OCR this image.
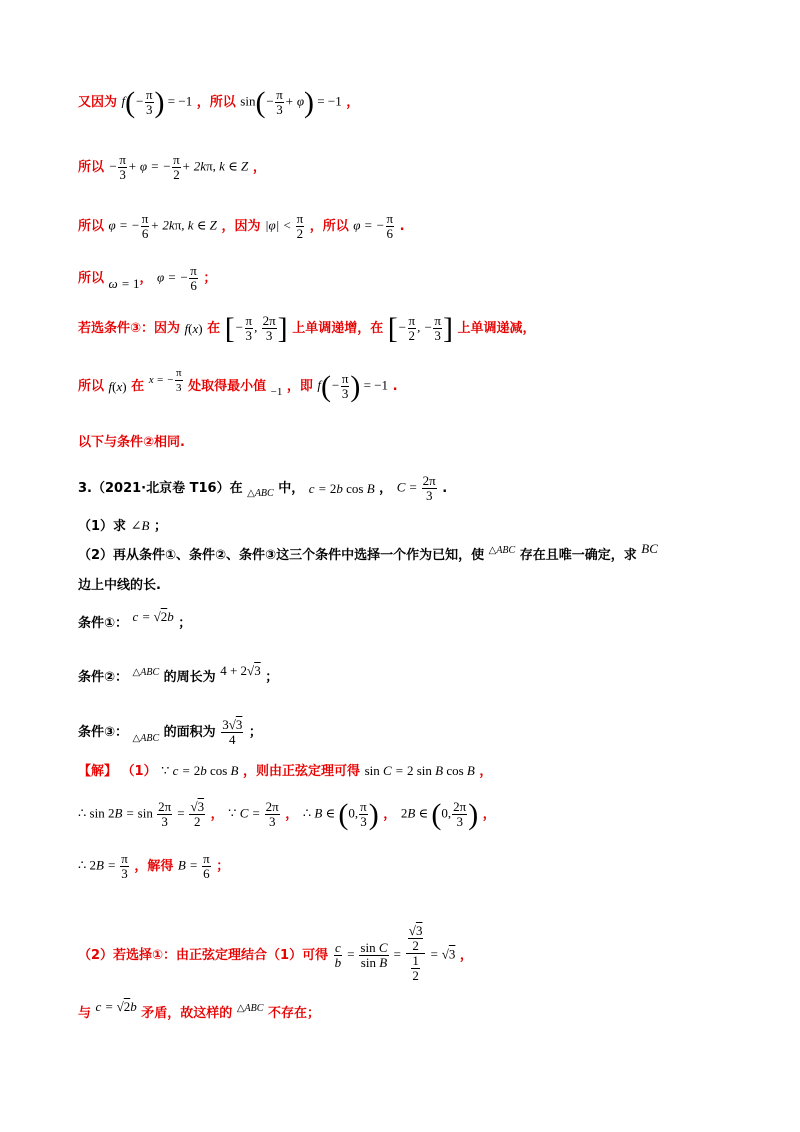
又因为 $f(- \frac{\pi}{3}$ ) = −1 ，所以 $\sin(- \frac{\pi}{3} + \varphi) = -1$ ，
所以 − $\frac{\pi}{3} + \varphi$ = − $\frac{\pi}{2} + 2k\pi$, k ∈ Z ，
所以 φ = − $\frac{\pi}{6} + 2k\pi$, k ∈ Z ，因为 $|\varphi| < \frac{\pi}{2}$ ，所以 φ = − $\frac{\pi}{6}$ .
所以 ω = 1， φ = − $\frac{\pi}{6}$ ；
若选条件③：因为 f(x) 在 [− $\frac{\pi}{3}$ , $\frac{2\pi}{3}$ ] 上单调递增，在 [− $\frac{\pi}{2}$ , − $\frac{\pi}{3}$ ] 上单调递减，
所以 f(x) 在 x = − $\frac{\pi}{3}$ 处取得最小值 −1 ，即 $f(- \frac{\pi}{3}$ ) = −1 .
以下与条件②相同.
3.（2021·北京卷 T16）在 △ABC 中， c = 2b cos B ， $C = \frac{2\pi}{3}$ .
（1）求 ∠B ；
（2）再从条件①、条件②、条件③这三个条件中选择一个作为已知，使 $^{\triangle ABC}$ 存在且唯一确定，求 BC
边上中线的长.
条件①： c = √2b ；
条件②： $^{\triangle ABC}$ 的周长为 4 + 2√3 ；
条件③： $_{\triangle ABC}$ 的面积为 $\frac{3√3}{4}$ ；
【解】 （1） ∵ c = 2b cos B ，则由正弦定理可得 sin C = 2 sin B cos B ，
∴ $\sin 2B = \sin \frac{2\pi}{3} = \frac{√3}{2}$ ， ∵ $C = \frac{2\pi}{3}$ ， ∴ B ∈ (0, $\frac{\pi}{3}$ ) ， 2B ∈ (0, $\frac{2\pi}{3}$ ) ，
∴ $2B = \frac{\pi}{3}$ ，解得 $B = \frac{\pi}{6}$ ；
（2）若选择①：由正弦定理结合（1）可得 $\frac{c}{b} = \frac{\text{sin C}}{\text{sin B}} = \frac{\frac{√3}{2}}{\frac{1}{2}} = √3$ ，
与 c = √2b 矛盾，故这样的 $^{\triangle ABC}$ 不存在；
